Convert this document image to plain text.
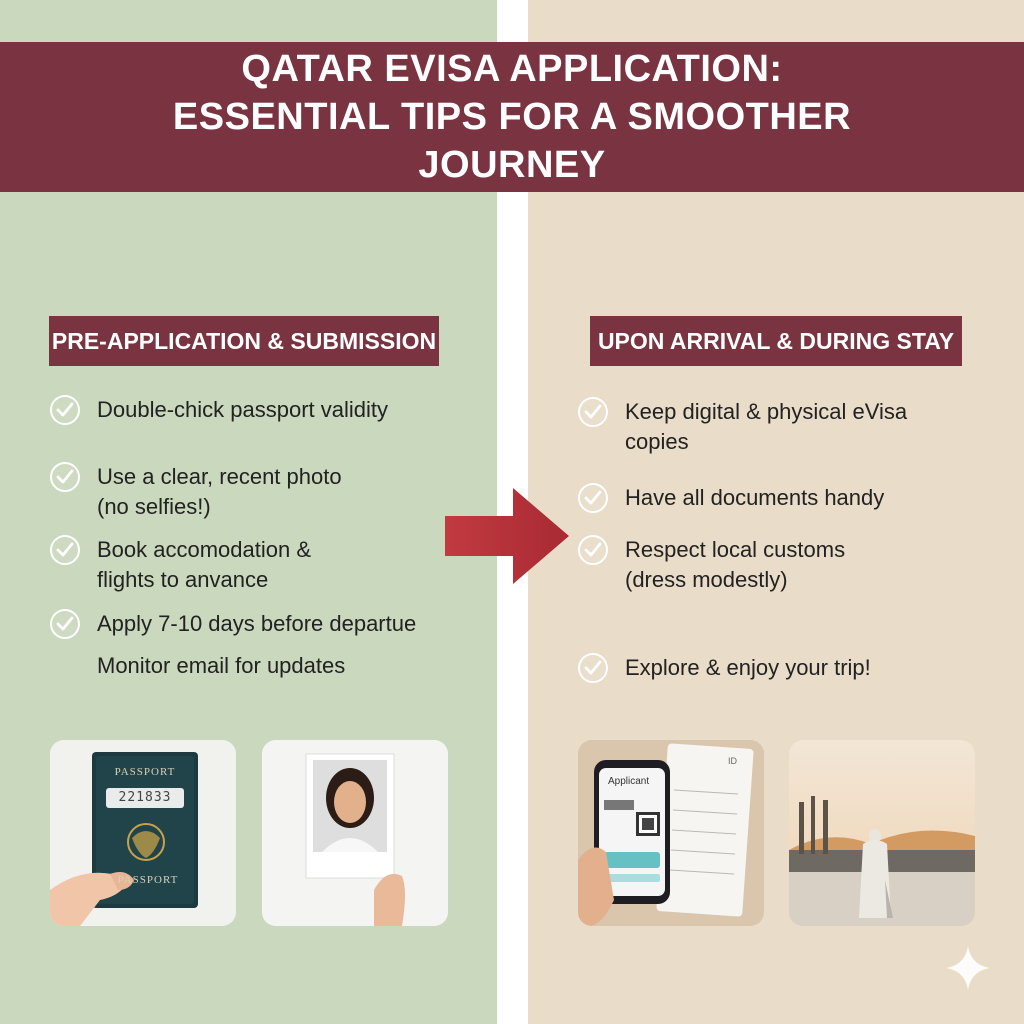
QATAR EVISA APPLICATION: ESSENTIAL TIPS FOR A SMOOTHER JOURNEY
PRE-APPLICATION & SUBMISSION	UPON ARRIVAL & DURING STAY
Double-chick passport validity
Use a clear, recent photo
(no selfies!)
Book accomodation &
flights to anvance
Apply 7-10 days before departue
Monitor email for updates
Keep digital & physical eVisa
copies
Have all documents handy
Respect local customs
(dress modestly)
Explore & enjoy your trip!
PASSPORT
221833
PASSPORT
Applicant
ID
